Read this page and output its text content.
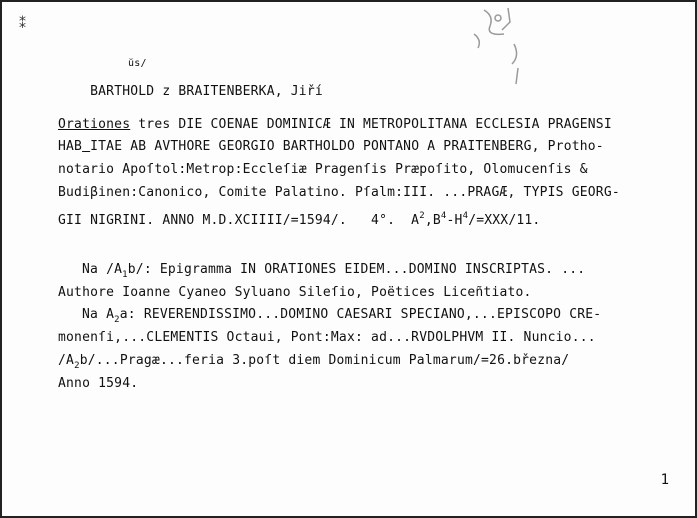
⁑

BARTHOLD
ŭs/
z BRAITENBERKA, Jiří

Orationes tres DIE COENAE DOMINICÆ IN METROPOLITANA ECCLESIA PRAGENSI
HAB ITAE AB AVTHORE GEORGIO BARTHOLDO PONTANO A PRAITENBERG, Protho-
notario Apoſtol:Metrop:Eccleſiæ Pragenſis Præpoſito, Olomucenſis &
Budiβinen:Canonico, Comite Palatino. Pſalm:III. ...PRAGÆ, TYPIS GEORG-
GII NIGRINI. ANNO M.D.XCIIII/=1594/.   4°.  $A^2,B^4-H^4/=XXX/11$.
Na $/A_1b/$: Epigramma IN ORATIONES EIDEM...DOMINO INSCRIPTAS. ...
Authore Ioanne Cyaneo Syluano Sileſio, Poëtices Liceñtiato.
Na $A_2a$: REVERENDISSIMO...DOMINO CAESARI SPECIANO,...EPISCOPO CRE-
monenſi,...CLEMENTIS Octaui, Pont:Max: ad...RVDOLPHVM II. Nuncio...
$/A_2b/...Pragæ...feria$ 3.poſt diem Dominicum Palmarum/=26.března/
Anno 1594.
1
